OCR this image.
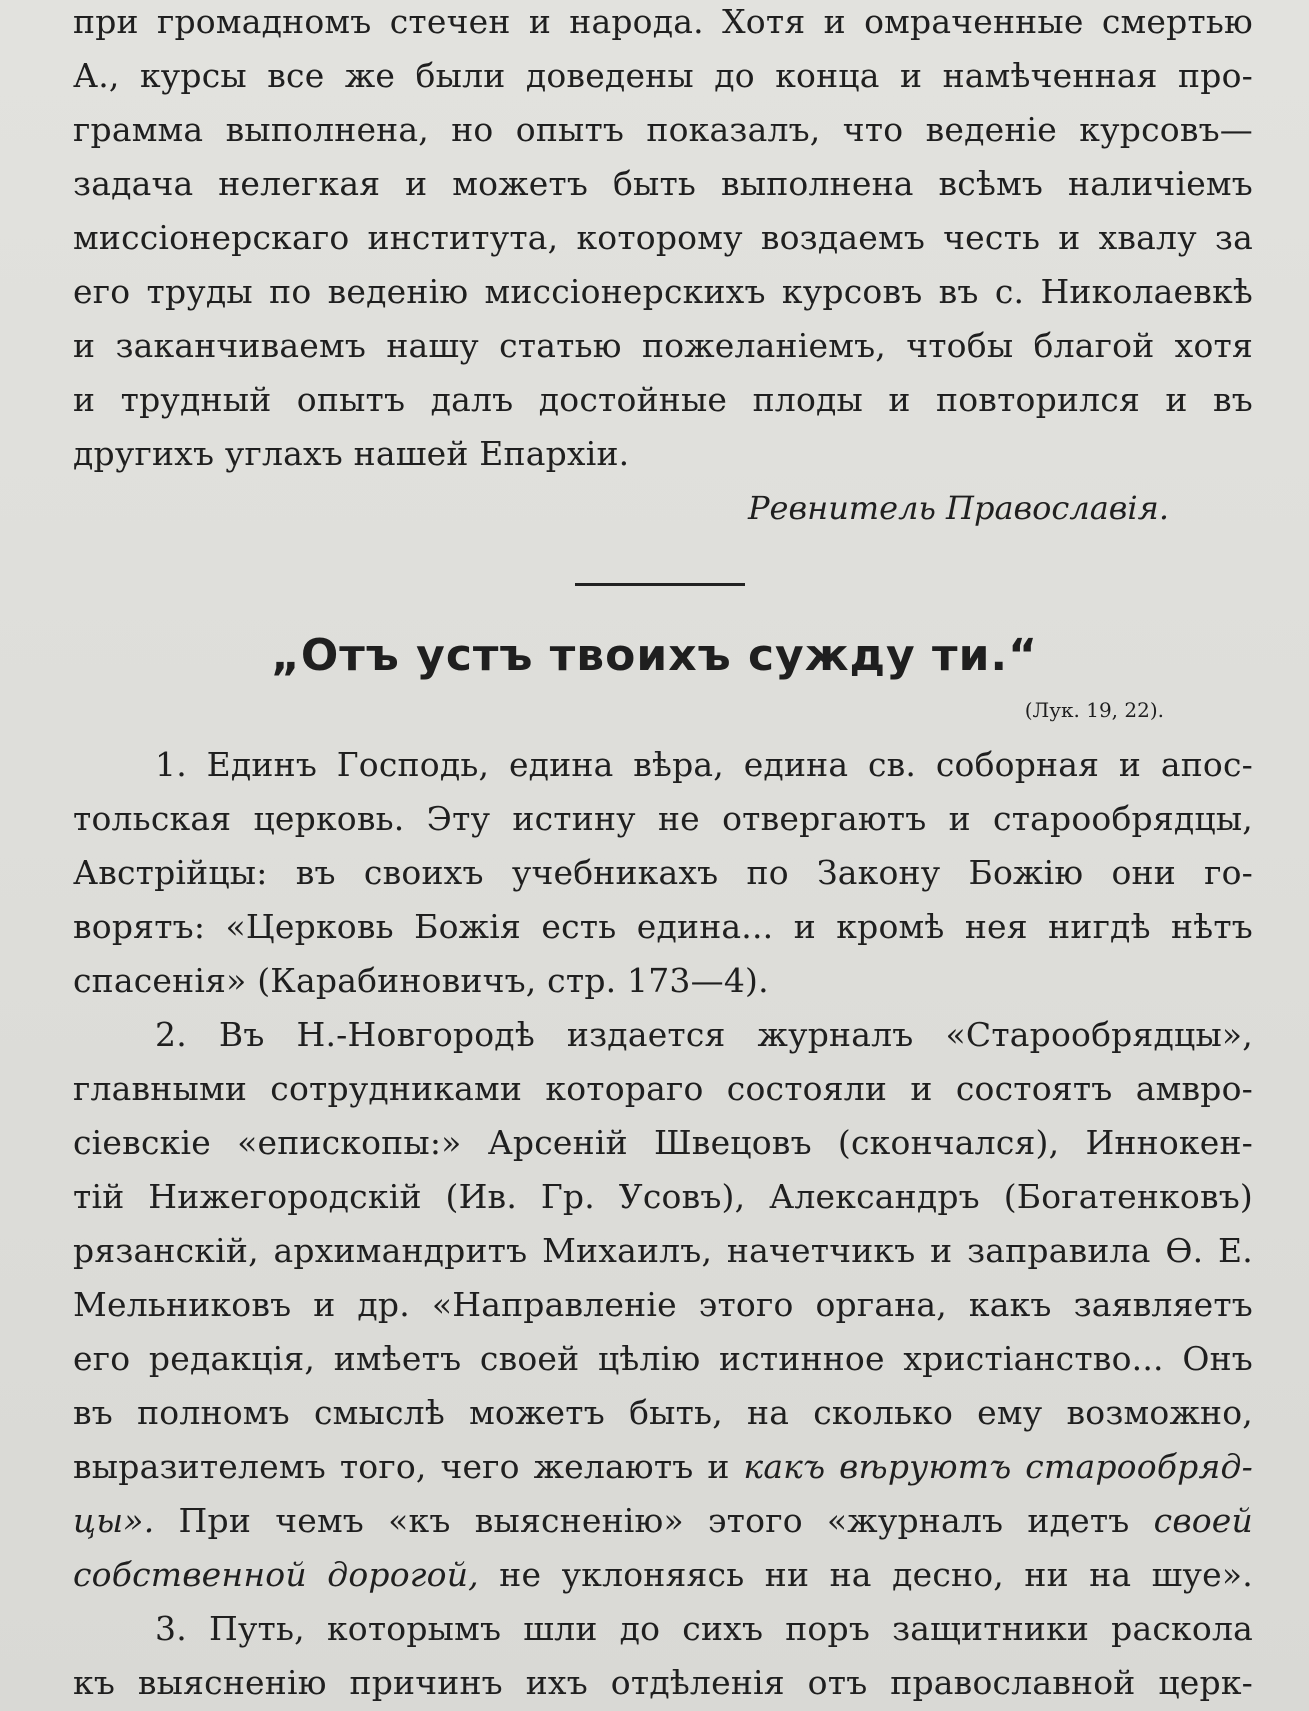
при громадномъ стечен и народа. Хотя и омраченные смертью
А., курсы все же были доведены до конца и намѣченная про-
грамма выполнена, но опытъ показалъ, что веденіе курсовъ—
задача нелегкая и можетъ быть выполнена всѣмъ наличіемъ
миссіонерскаго института, которому воздаемъ честь и хвалу за
его труды по веденію миссіонерскихъ курсовъ въ с. Николаевкѣ
и заканчиваемъ нашу статью пожеланіемъ, чтобы благой хотя
и трудный опытъ далъ достойные плоды и повторился и въ
другихъ углахъ нашей Епархіи.
Ревнитель Православія.
„Отъ устъ твоихъ сужду ти.“
(Лук. 19, 22).
1. Единъ Господь, едина вѣра, едина св. соборная и апос-
тольская церковь. Эту истину не отвергаютъ и старообрядцы,
Австрійцы: въ своихъ учебникахъ по Закону Божію они го-
ворятъ: «Церковь Божія есть едина... и кромѣ нея нигдѣ нѣтъ
спасенія» (Карабиновичъ, стр. 173—4).
2. Въ Н.-Новгородѣ издается журналъ «Старообрядцы»,
главными сотрудниками котораго состояли и состоятъ амвро-
сіевскіе «епископы:» Арсеній Швецовъ (скончался), Иннокен-
тій Нижегородскій (Ив. Гр. Усовъ), Александръ (Богатенковъ)
рязанскій, архимандритъ Михаилъ, начетчикъ и заправила Ѳ. Е.
Мельниковъ и др. «Направленіе этого органа, какъ заявляетъ
его редакція, имѣетъ своей цѣлію истинное христіанство... Онъ
въ полномъ смыслѣ можетъ быть, на сколько ему возможно,
выразителемъ того, чего желаютъ и какъ вѣруютъ старообряд-
цы». При чемъ «къ выясненію» этого «журналъ идетъ своей
собственной дорогой, не уклоняясь ни на десно, ни на шуе».
3. Путь, которымъ шли до сихъ поръ защитники раскола
къ выясненію причинъ ихъ отдѣленія отъ православной церк-
